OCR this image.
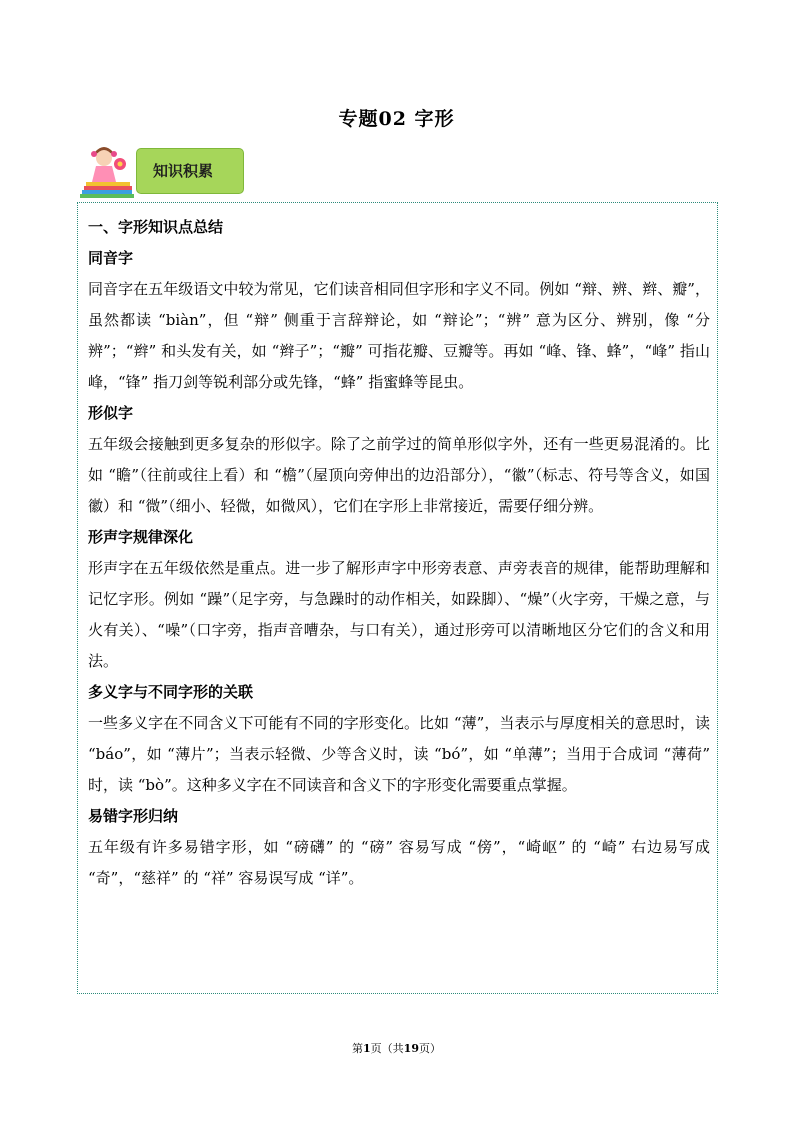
专题02 字形
知识积累
一、字形知识点总结
同音字

同音字在五年级语文中较为常见，它们读音相同但字形和字义不同。例如 “辩、辨、辫、瓣”，虽然都读 “biàn”，但 “辩” 侧重于言辞辩论，如 “辩论”；“辨” 意为区分、辨别，像 “分辨”；“辫” 和头发有关，如 “辫子”；“瓣” 可指花瓣、豆瓣等。再如 “峰、锋、蜂”，“峰” 指山峰，“锋” 指刀剑等锐利部分或先锋，“蜂” 指蜜蜂等昆虫。

形似字

五年级会接触到更多复杂的形似字。除了之前学过的简单形似字外，还有一些更易混淆的。比如 “瞻”（往前或往上看）和 “檐”（屋顶向旁伸出的边沿部分），“徽”（标志、符号等含义，如国徽）和 “微”（细小、轻微，如微风），它们在字形上非常接近，需要仔细分辨。

形声字规律深化

形声字在五年级依然是重点。进一步了解形声字中形旁表意、声旁表音的规律，能帮助理解和记忆字形。例如 “躁”（足字旁，与急躁时的动作相关，如跺脚）、“燥”（火字旁，干燥之意，与火有关）、“噪”（口字旁，指声音嘈杂，与口有关），通过形旁可以清晰地区分它们的含义和用法。

多义字与不同字形的关联

一些多义字在不同含义下可能有不同的字形变化。比如 “薄”，当表示与厚度相关的意思时，读 “báo”，如 “薄片”；当表示轻微、少等含义时，读 “bó”，如 “单薄”；当用于合成词 “薄荷” 时，读 “bò”。这种多义字在不同读音和含义下的字形变化需要重点掌握。

易错字形归纳

五年级有许多易错字形，如 “磅礴” 的 “磅” 容易写成 “傍”，“崎岖” 的 “崎” 右边易写成 “奇”，“慈祥” 的 “祥” 容易误写成 “详”。

第1页（共19页）
